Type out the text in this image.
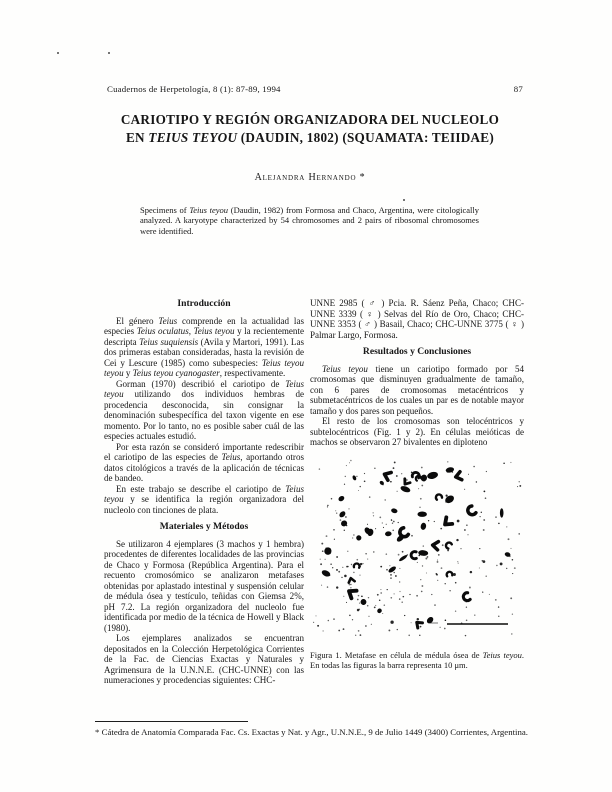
Cuadernos de Herpetología, 8 (1): 87-89, 1994	87
CARIOTIPO Y REGIÓN ORGANIZADORA DEL NUCLEOLO
EN TEIUS TEYOU (DAUDIN, 1802) (SQUAMATA: TEIIDAE)
Alejandra Hernando *
Specimens of Teius teyou (Daudin, 1982) from Formosa and Chaco, Argentina, were citologically analyzed. A karyotype characterized by 54 chromosomes and 2 pairs of ribosomal chromosomes were identified.
Introducción

El género Teius comprende en la actualidad las especies Teius oculatus, Teius teyou y la recientemente descripta Teius suquiensis (Avila y Martori, 1991). Las dos primeras estaban consideradas, hasta la revisión de Cei y Lescure (1985) como subespecies: Teius teyou teyou y Teius teyou cyanogaster, respectivamente.

Gorman (1970) describió el cariotipo de Teius teyou utilizando dos individuos hembras de procedencia desconocida, sin consignar la denominación subespecífica del taxon vigente en ese momento. Por lo tanto, no es posible saber cuál de las especies actuales estudió.

Por esta razón se consideró importante redescribir el cariotipo de las especies de Teius, aportando otros datos citológicos a través de la aplicación de técnicas de bandeo.

En este trabajo se describe el cariotipo de Teius teyou y se identifica la región organizadora del nucleolo con tinciones de plata.

Materiales y Métodos

Se utilizaron 4 ejemplares (3 machos y 1 hembra) procedentes de diferentes localidades de las provincias de Chaco y Formosa (República Argentina). Para el recuento cromosómico se analizaron metafases obtenidas por aplastado intestinal y suspensión celular de médula ósea y testículo, teñidas con Giemsa 2%, pH 7.2. La región organizadora del nucleolo fue identificada por medio de la técnica de Howell y Black (1980).

Los ejemplares analizados se encuentran depositados en la Colección Herpetológica Corrientes de la Fac. de Ciencias Exactas y Naturales y Agrimensura de la U.N.N.E. (CHC-UNNE) con las numeraciones y procedencias siguientes: CHC-

UNNE 2985 ( ♂ ) Pcia. R. Sáenz Peña, Chaco; CHC-UNNE 3339 ( ♀ ) Selvas del Río de Oro, Chaco; CHC-UNNE 3353 ( ♂ ) Basail, Chaco; CHC-UNNE 3775 ( ♀ ) Palmar Largo, Formosa.

Resultados y Conclusiones

Teius teyou tiene un cariotipo formado por 54 cromosomas que disminuyen gradualmente de tamaño, con 6 pares de cromosomas metacéntricos y submetacéntricos de los cuales un par es de notable mayor tamaño y dos pares son pequeños.

El resto de los cromosomas son telocéntricos y subtelocéntricos (Fig. 1 y 2). En células meióticas de machos se observaron 27 bivalentes en diploteno

Figura 1. Metafase en célula de médula ósea de Teius teyou. En todas las figuras la barra representa 10 μm.
* Cátedra de Anatomía Comparada Fac. Cs. Exactas y Nat. y Agr., U.N.N.E., 9 de Julio 1449 (3400) Corrientes, Argentina.
